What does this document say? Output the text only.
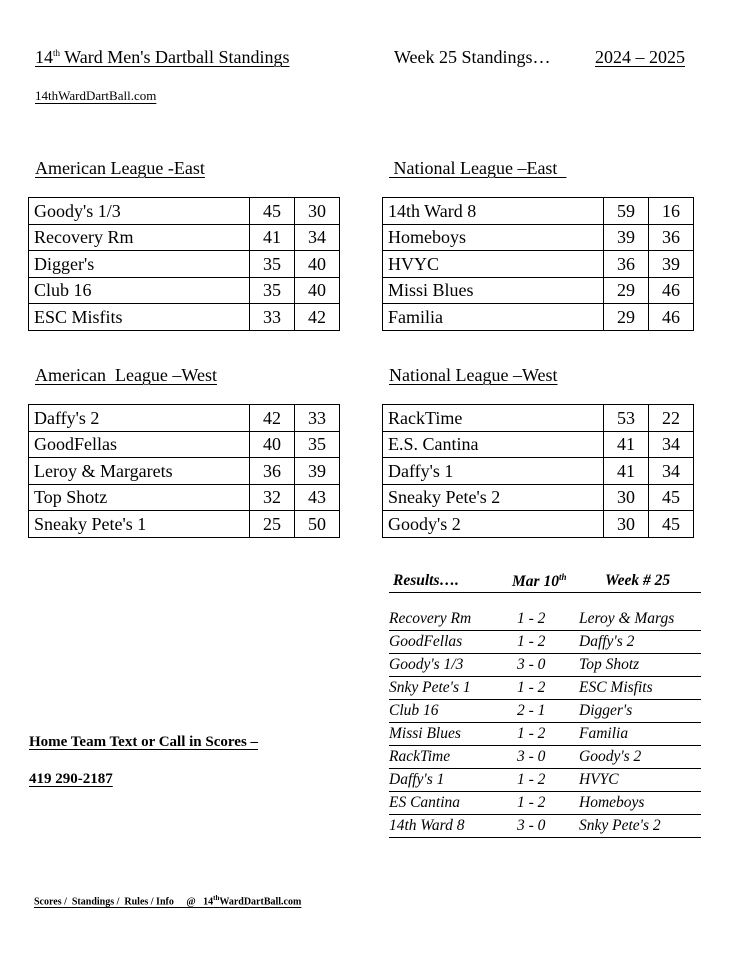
14th Ward Men's Dartball Standings	Week 25 Standings… 2024 – 2025
14thWardDartBall.com
American League -East	National League –East
American  League –West	National League –West
Goody's 1/3	45	30
Recovery Rm	41	34
Digger's	35	40
Club 16	35	40
ESC Misfits	33	42
14th Ward 8	59	16
Homeboys	39	36
HVYC	36	39
Missi Blues	29	46
Familia	29	46
Daffy's 2	42	33
GoodFellas	40	35
Leroy & Margarets	36	39
Top Shotz	32	43
Sneaky Pete's 1	25	50
RackTime	53	22
E.S. Cantina	41	34
Daffy's 1	41	34
Sneaky Pete's 2	30	45
Goody's 2	30	45
Results….	Mar 10th Week # 25
Recovery Rm	1 - 2 Leroy & Margs
GoodFellas	1 - 2 Daffy's 2
Goody's 1/3	3 - 0 Top Shotz
Snky Pete's 1	1 - 2 ESC Misfits
Club 16	2 - 1 Digger's
Missi Blues	1 - 2 Familia
RackTime	3 - 0 Goody's 2
Daffy's 1	1 - 2 HVYC
ES Cantina	1 - 2 Homeboys
14th Ward 8	3 - 0 Snky Pete's 2
Home Team Text or Call in Scores –
419 290-2187
Scores /  Standings /  Rules / Info     @   14thWardDartBall.com
